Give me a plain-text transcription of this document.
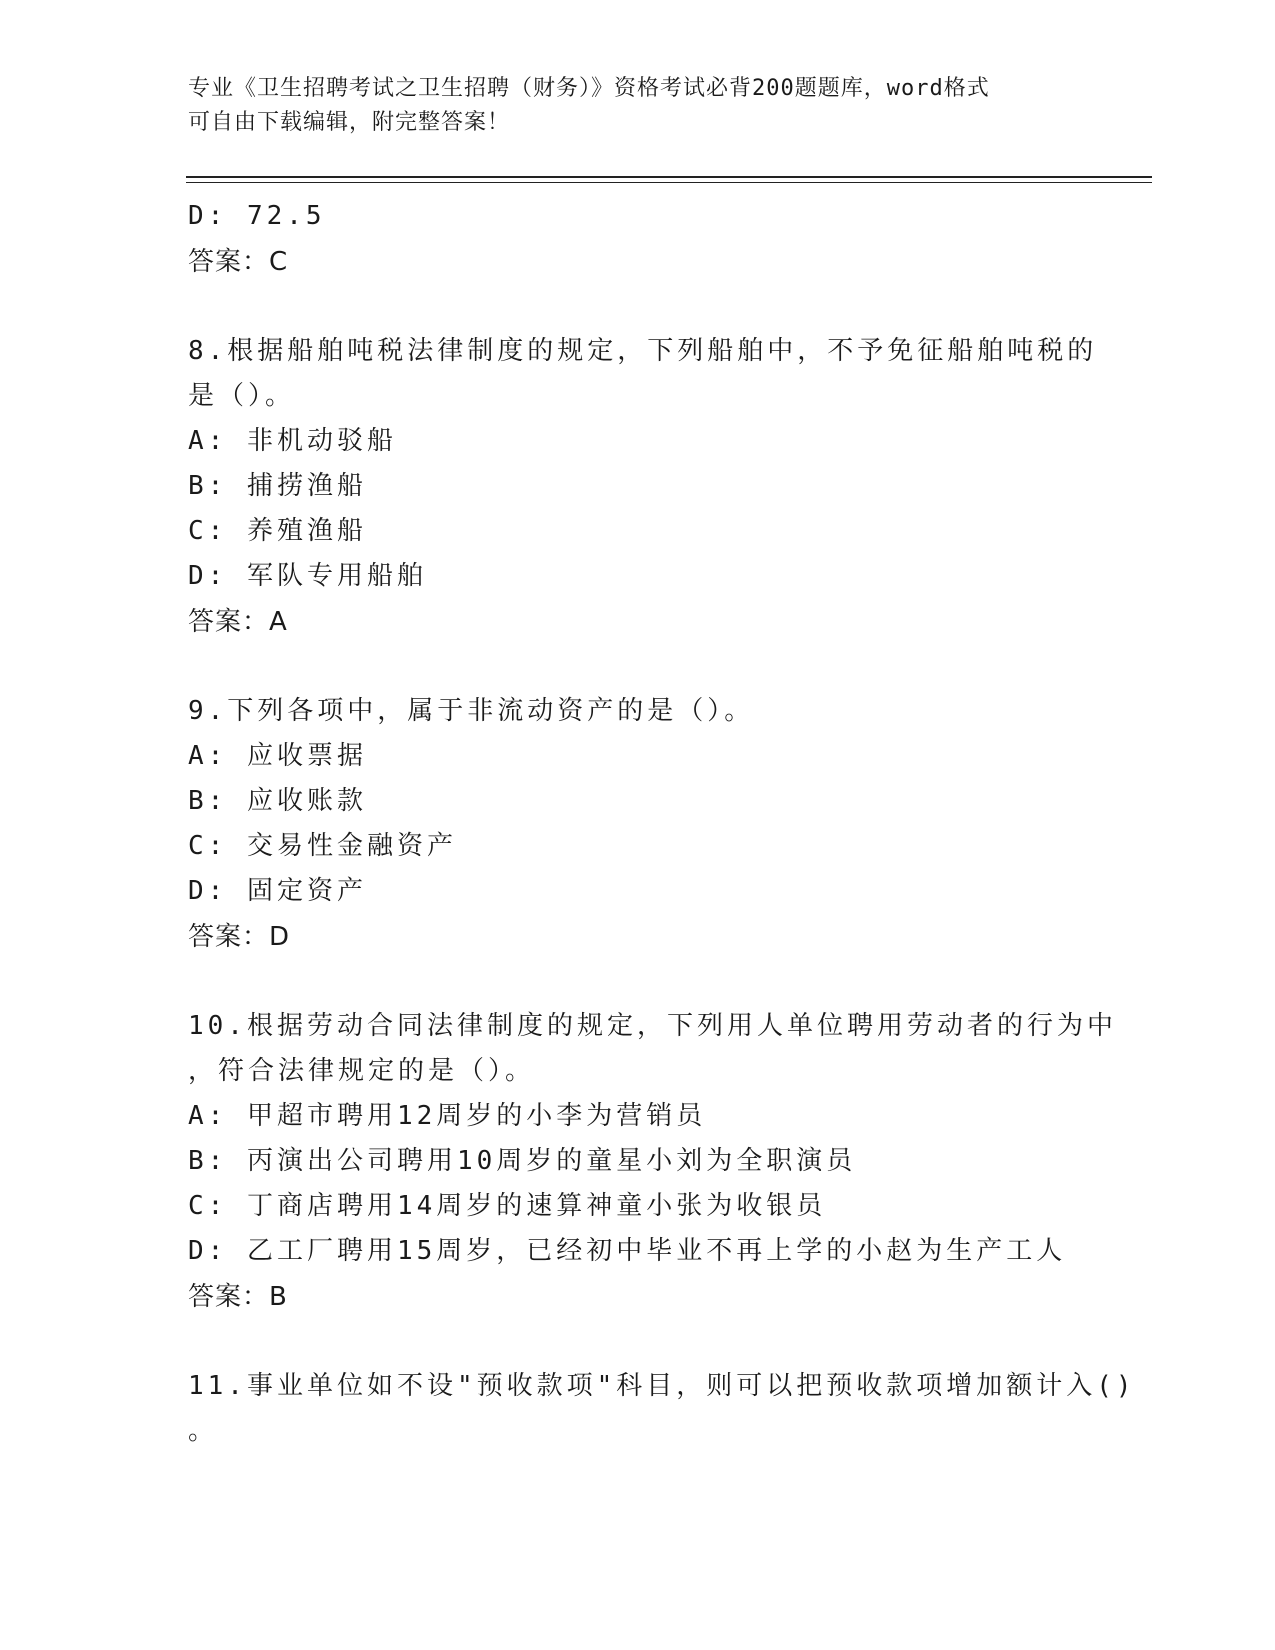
专业《卫生招聘考试之卫生招聘（财务）》资格考试必背200题题库，word格式
可自由下载编辑，附完整答案！
D: 72.5
答案：C
8.根据船舶吨税法律制度的规定，下列船舶中，不予免征船舶吨税的
是（）。
A: 非机动驳船
B: 捕捞渔船
C: 养殖渔船
D: 军队专用船舶
答案：A
9.下列各项中，属于非流动资产的是（）。
A: 应收票据
B: 应收账款
C: 交易性金融资产
D: 固定资产
答案：D
10.根据劳动合同法律制度的规定，下列用人单位聘用劳动者的行为中
，符合法律规定的是（）。
A: 甲超市聘用12周岁的小李为营销员
B: 丙演出公司聘用10周岁的童星小刘为全职演员
C: 丁商店聘用14周岁的速算神童小张为收银员
D: 乙工厂聘用15周岁，已经初中毕业不再上学的小赵为生产工人
答案：B
11.事业单位如不设"预收款项"科目，则可以把预收款项增加额计入()
。
